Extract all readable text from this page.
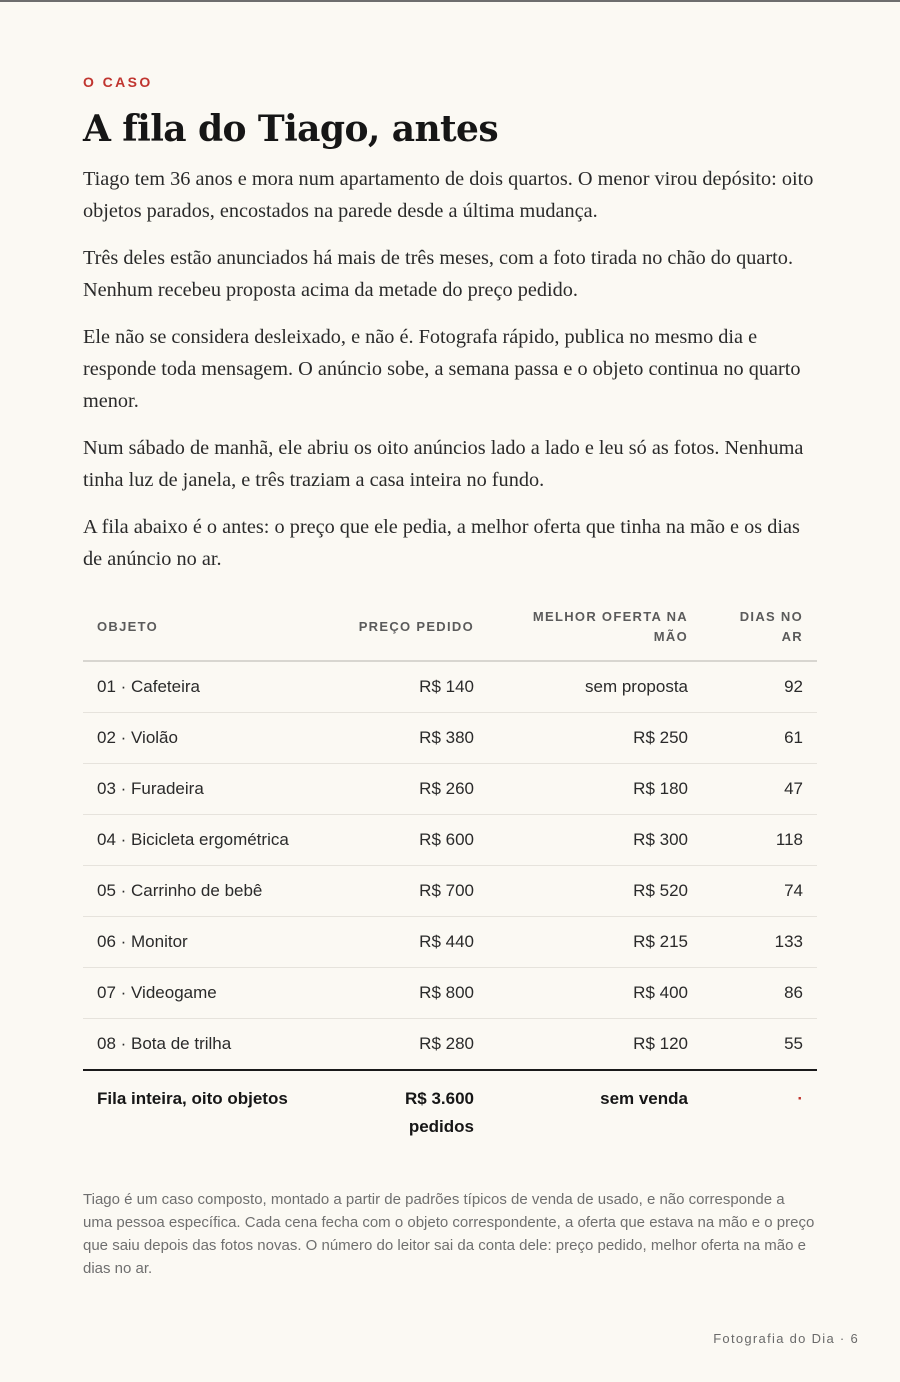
O CASO
A fila do Tiago, antes

Tiago tem 36 anos e mora num apartamento de dois quartos. O menor virou depósito: oito objetos parados, encostados na parede desde a última mudança.

Três deles estão anunciados há mais de três meses, com a foto tirada no chão do quarto. Nenhum recebeu proposta acima da metade do preço pedido.

Ele não se considera desleixado, e não é. Fotografa rápido, publica no mesmo dia e responde toda mensagem. O anúncio sobe, a semana passa e o objeto continua no quarto menor.

Num sábado de manhã, ele abriu os oito anúncios lado a lado e leu só as fotos. Nenhuma tinha luz de janela, e três traziam a casa inteira no fundo.

A fila abaixo é o antes: o preço que ele pedia, a melhor oferta que tinha na mão e os dias de anúncio no ar.

OBJETO	PREÇO PEDIDO	MELHOR OFERTA NA MÃO	DIAS NO AR
01 · Cafeteira	R$ 140	sem proposta	92
02 · Violão	R$ 380	R$ 250	61
03 · Furadeira	R$ 260	R$ 180	47
04 · Bicicleta ergométrica	R$ 600	R$ 300	118
05 · Carrinho de bebê	R$ 700	R$ 520	74
06 · Monitor	R$ 440	R$ 215	133
07 · Videogame	R$ 800	R$ 400	86
08 · Bota de trilha	R$ 280	R$ 120	55
Fila inteira, oito objetos	R$ 3.600 pedidos	sem venda	·
Tiago é um caso composto, montado a partir de padrões típicos de venda de usado, e não corresponde a uma pessoa específica. Cada cena fecha com o objeto correspondente, a oferta que estava na mão e o preço que saiu depois das fotos novas. O número do leitor sai da conta dele: preço pedido, melhor oferta na mão e dias no ar.
Fotografia do Dia · 6
